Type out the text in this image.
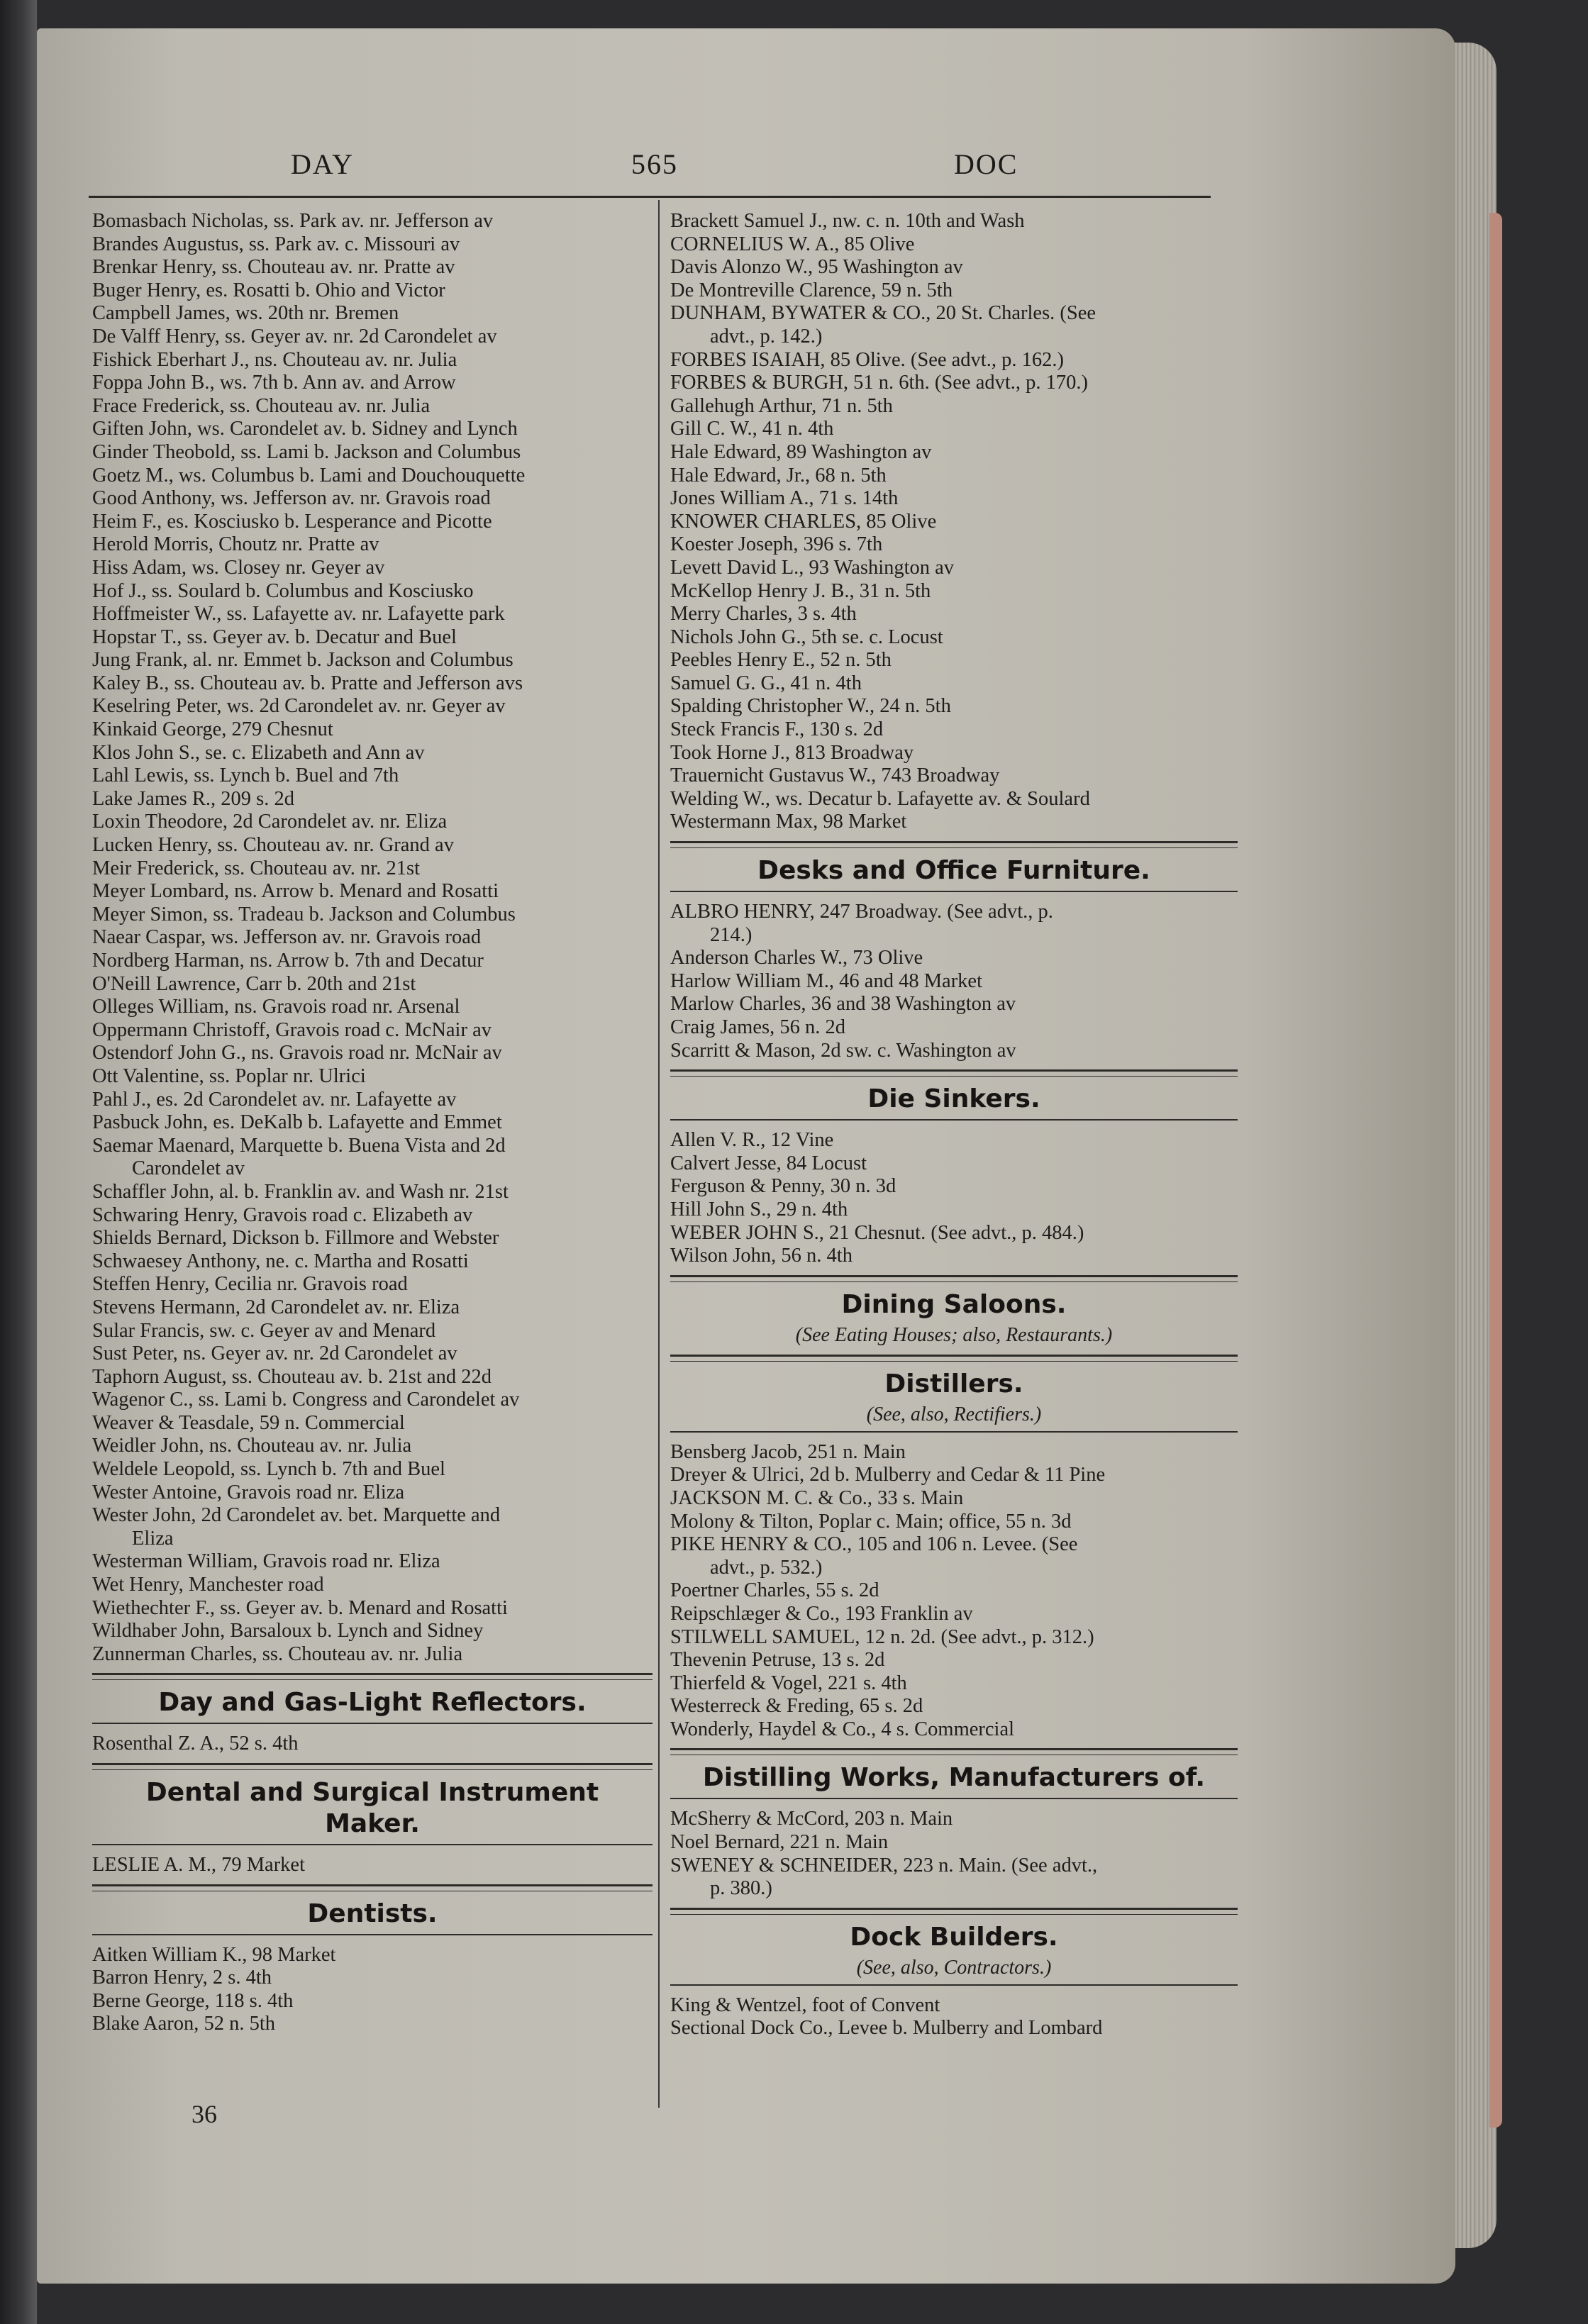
DAY	565	DOC
Bomasbach Nicholas, ss. Park av. nr. Jefferson av
Brandes Augustus, ss. Park av. c. Missouri av
Brenkar Henry, ss. Chouteau av. nr. Pratte av
Buger Henry, es. Rosatti b. Ohio and Victor
Campbell James, ws. 20th nr. Bremen
De Valff Henry, ss. Geyer av. nr. 2d Carondelet av
Fishick Eberhart J., ns. Chouteau av. nr. Julia
Foppa John B., ws. 7th b. Ann av. and Arrow
Frace Frederick, ss. Chouteau av. nr. Julia
Giften John, ws. Carondelet av. b. Sidney and Lynch
Ginder Theobold, ss. Lami b. Jackson and Columbus
Goetz M., ws. Columbus b. Lami and Douchouquette
Good Anthony, ws. Jefferson av. nr. Gravois road
Heim F., es. Kosciusko b. Lesperance and Picotte
Herold Morris, Choutz nr. Pratte av
Hiss Adam, ws. Closey nr. Geyer av
Hof J., ss. Soulard b. Columbus and Kosciusko
Hoffmeister W., ss. Lafayette av. nr. Lafayette park
Hopstar T., ss. Geyer av. b. Decatur and Buel
Jung Frank, al. nr. Emmet b. Jackson and Columbus
Kaley B., ss. Chouteau av. b. Pratte and Jefferson avs
Keselring Peter, ws. 2d Carondelet av. nr. Geyer av
Kinkaid George, 279 Chesnut
Klos John S., se. c. Elizabeth and Ann av
Lahl Lewis, ss. Lynch b. Buel and 7th
Lake James R., 209 s. 2d
Loxin Theodore, 2d Carondelet av. nr. Eliza
Lucken Henry, ss. Chouteau av. nr. Grand av
Meir Frederick, ss. Chouteau av. nr. 21st
Meyer Lombard, ns. Arrow b. Menard and Rosatti
Meyer Simon, ss. Tradeau b. Jackson and Columbus
Naear Caspar, ws. Jefferson av. nr. Gravois road
Nordberg Harman, ns. Arrow b. 7th and Decatur
O'Neill Lawrence, Carr b. 20th and 21st
Olleges William, ns. Gravois road nr. Arsenal
Oppermann Christoff, Gravois road c. McNair av
Ostendorf John G., ns. Gravois road nr. McNair av
Ott Valentine, ss. Poplar nr. Ulrici
Pahl J., es. 2d Carondelet av. nr. Lafayette av
Pasbuck John, es. DeKalb b. Lafayette and Emmet
Saemar Maenard, Marquette b. Buena Vista and 2d
Carondelet av
Schaffler John, al. b. Franklin av. and Wash nr. 21st
Schwaring Henry, Gravois road c. Elizabeth av
Shields Bernard, Dickson b. Fillmore and Webster
Schwaesey Anthony, ne. c. Martha and Rosatti
Steffen Henry, Cecilia nr. Gravois road
Stevens Hermann, 2d Carondelet av. nr. Eliza
Sular Francis, sw. c. Geyer av and Menard
Sust Peter, ns. Geyer av. nr. 2d Carondelet av
Taphorn August, ss. Chouteau av. b. 21st and 22d
Wagenor C., ss. Lami b. Congress and Carondelet av
Weaver & Teasdale, 59 n. Commercial
Weidler John, ns. Chouteau av. nr. Julia
Weldele Leopold, ss. Lynch b. 7th and Buel
Wester Antoine, Gravois road nr. Eliza
Wester John, 2d Carondelet av. bet. Marquette and
Eliza
Westerman William, Gravois road nr. Eliza
Wet Henry, Manchester road
Wiethechter F., ss. Geyer av. b. Menard and Rosatti
Wildhaber John, Barsaloux b. Lynch and Sidney
Zunnerman Charles, ss. Chouteau av. nr. Julia
Day and Gas-Light Reflectors.
Rosenthal Z. A., 52 s. 4th
Dental and Surgical Instrument Maker.
LESLIE A. M., 79 Market
Dentists.
Aitken William K., 98 Market
Barron Henry, 2 s. 4th
Berne George, 118 s. 4th
Blake Aaron, 52 n. 5th
Brackett Samuel J., nw. c. n. 10th and Wash
CORNELIUS W. A., 85 Olive
Davis Alonzo W., 95 Washington av
De Montreville Clarence, 59 n. 5th
DUNHAM, BYWATER & CO., 20 St. Charles. (See
advt., p. 142.)
FORBES ISAIAH, 85 Olive. (See advt., p. 162.)
FORBES & BURGH, 51 n. 6th. (See advt., p. 170.)
Gallehugh Arthur, 71 n. 5th
Gill C. W., 41 n. 4th
Hale Edward, 89 Washington av
Hale Edward, Jr., 68 n. 5th
Jones William A., 71 s. 14th
KNOWER CHARLES, 85 Olive
Koester Joseph, 396 s. 7th
Levett David L., 93 Washington av
McKellop Henry J. B., 31 n. 5th
Merry Charles, 3 s. 4th
Nichols John G., 5th se. c. Locust
Peebles Henry E., 52 n. 5th
Samuel G. G., 41 n. 4th
Spalding Christopher W., 24 n. 5th
Steck Francis F., 130 s. 2d
Took Horne J., 813 Broadway
Trauernicht Gustavus W., 743 Broadway
Welding W., ws. Decatur b. Lafayette av. & Soulard
Westermann Max, 98 Market
Desks and Office Furniture.
ALBRO HENRY, 247 Broadway. (See advt., p.
214.)
Anderson Charles W., 73 Olive
Harlow William M., 46 and 48 Market
Marlow Charles, 36 and 38 Washington av
Craig James, 56 n. 2d
Scarritt & Mason, 2d sw. c. Washington av
Die Sinkers.
Allen V. R., 12 Vine
Calvert Jesse, 84 Locust
Ferguson & Penny, 30 n. 3d
Hill John S., 29 n. 4th
WEBER JOHN S., 21 Chesnut. (See advt., p. 484.)
Wilson John, 56 n. 4th
Dining Saloons.
(See Eating Houses; also, Restaurants.)
Distillers.
(See, also, Rectifiers.)
Bensberg Jacob, 251 n. Main
Dreyer & Ulrici, 2d b. Mulberry and Cedar & 11 Pine
JACKSON M. C. & Co., 33 s. Main
Molony & Tilton, Poplar c. Main; office, 55 n. 3d
PIKE HENRY & CO., 105 and 106 n. Levee. (See
advt., p. 532.)
Poertner Charles, 55 s. 2d
Reipschlæger & Co., 193 Franklin av
STILWELL SAMUEL, 12 n. 2d. (See advt., p. 312.)
Thevenin Petruse, 13 s. 2d
Thierfeld & Vogel, 221 s. 4th
Westerreck & Freding, 65 s. 2d
Wonderly, Haydel & Co., 4 s. Commercial
Distilling Works, Manufacturers of.
McSherry & McCord, 203 n. Main
Noel Bernard, 221 n. Main
SWENEY & SCHNEIDER, 223 n. Main. (See advt.,
p. 380.)
Dock Builders.
(See, also, Contractors.)
King & Wentzel, foot of Convent
Sectional Dock Co., Levee b. Mulberry and Lombard
36
